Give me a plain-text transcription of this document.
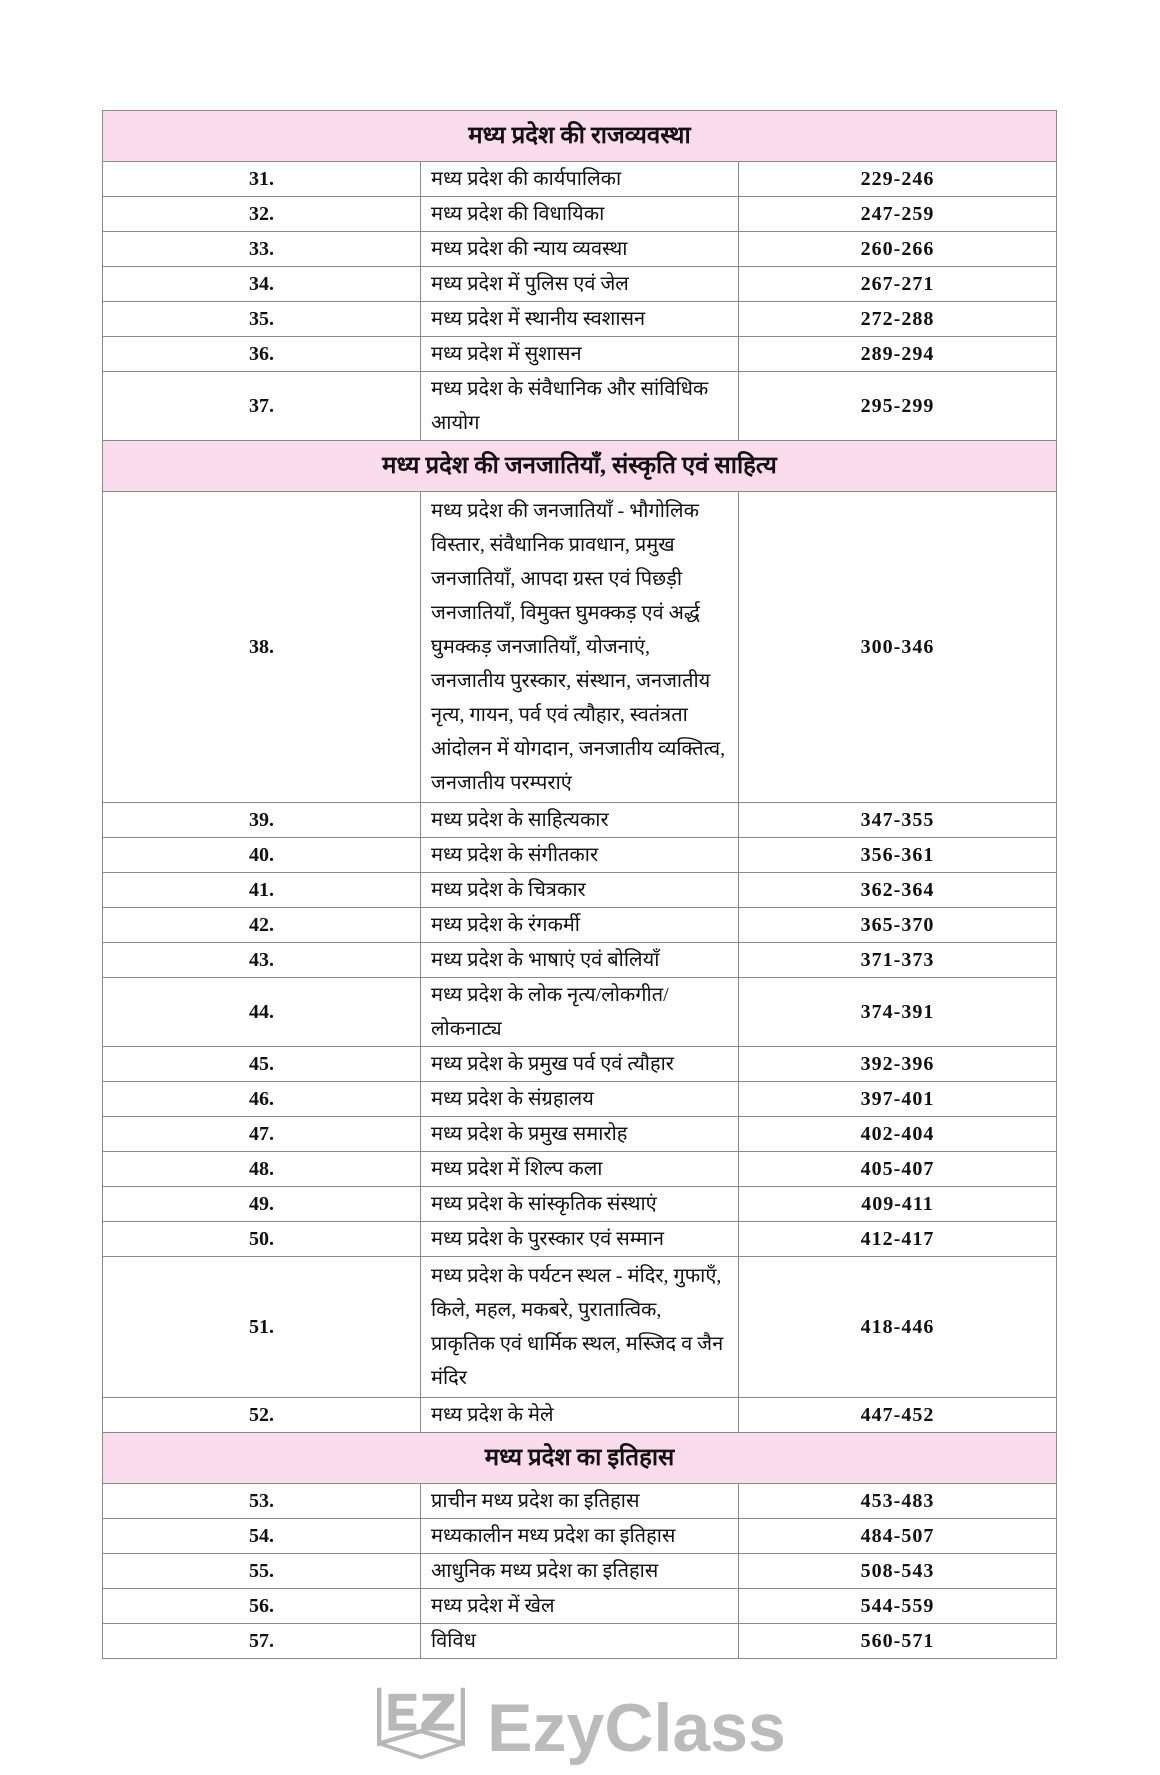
मध्य प्रदेश की राजव्यवस्था		
31.	मध्य प्रदेश की कार्यपालिका	229-246
32.	मध्य प्रदेश की विधायिका	247-259
33.	मध्य प्रदेश की न्याय व्यवस्था	260-266
34.	मध्य प्रदेश में पुलिस एवं जेल	267-271
35.	मध्य प्रदेश में स्थानीय स्वशासन	272-288
36.	मध्य प्रदेश में सुशासन	289-294
37.	मध्य प्रदेश के संवैधानिक और सांविधिक आयोग	295-299
मध्य प्रदेश की जनजातियाँ, संस्कृति एवं साहित्य		
38.	मध्य प्रदेश की जनजातियाँ - भौगोलिक विस्तार, संवैधानिक प्रावधान, प्रमुख जनजातियाँ, आपदा ग्रस्त एवं पिछड़ी जनजातियाँ, विमुक्त घुमक्कड़ एवं अर्द्ध घुमक्कड़ जनजातियाँ, योजनाएं, जनजातीय पुरस्कार, संस्थान, जनजातीय नृत्य, गायन, पर्व एवं त्यौहार, स्वतंत्रता आंदोलन में योगदान, जनजातीय व्यक्तित्व, जनजातीय परम्पराएं	300-346
39.	मध्य प्रदेश के साहित्यकार	347-355
40.	मध्य प्रदेश के संगीतकार	356-361
41.	मध्य प्रदेश के चित्रकार	362-364
42.	मध्य प्रदेश के रंगकर्मी	365-370
43.	मध्य प्रदेश के भाषाएं एवं बोलियाँ	371-373
44.	मध्य प्रदेश के लोक नृत्य/लोकगीत/लोकनाट्य	374-391
45.	मध्य प्रदेश के प्रमुख पर्व एवं त्यौहार	392-396
46.	मध्य प्रदेश के संग्रहालय	397-401
47.	मध्य प्रदेश के प्रमुख समारोह	402-404
48.	मध्य प्रदेश में शिल्प कला	405-407
49.	मध्य प्रदेश के सांस्कृतिक संस्थाएं	409-411
50.	मध्य प्रदेश के पुरस्कार एवं सम्मान	412-417
51.	मध्य प्रदेश के पर्यटन स्थल - मंदिर, गुफाएँ, किले, महल, मकबरे, पुरातात्विक, प्राकृतिक एवं धार्मिक स्थल, मस्जिद व जैन मंदिर	418-446
52.	मध्य प्रदेश के मेले	447-452
मध्य प्रदेश का इतिहास		
53.	प्राचीन मध्य प्रदेश का इतिहास	453-483
54.	मध्यकालीन मध्य प्रदेश का इतिहास	484-507
55.	आधुनिक मध्य प्रदेश का इतिहास	508-543
56.	मध्य प्रदेश में खेल	544-559
57.	विविध	560-571
EzyClass
